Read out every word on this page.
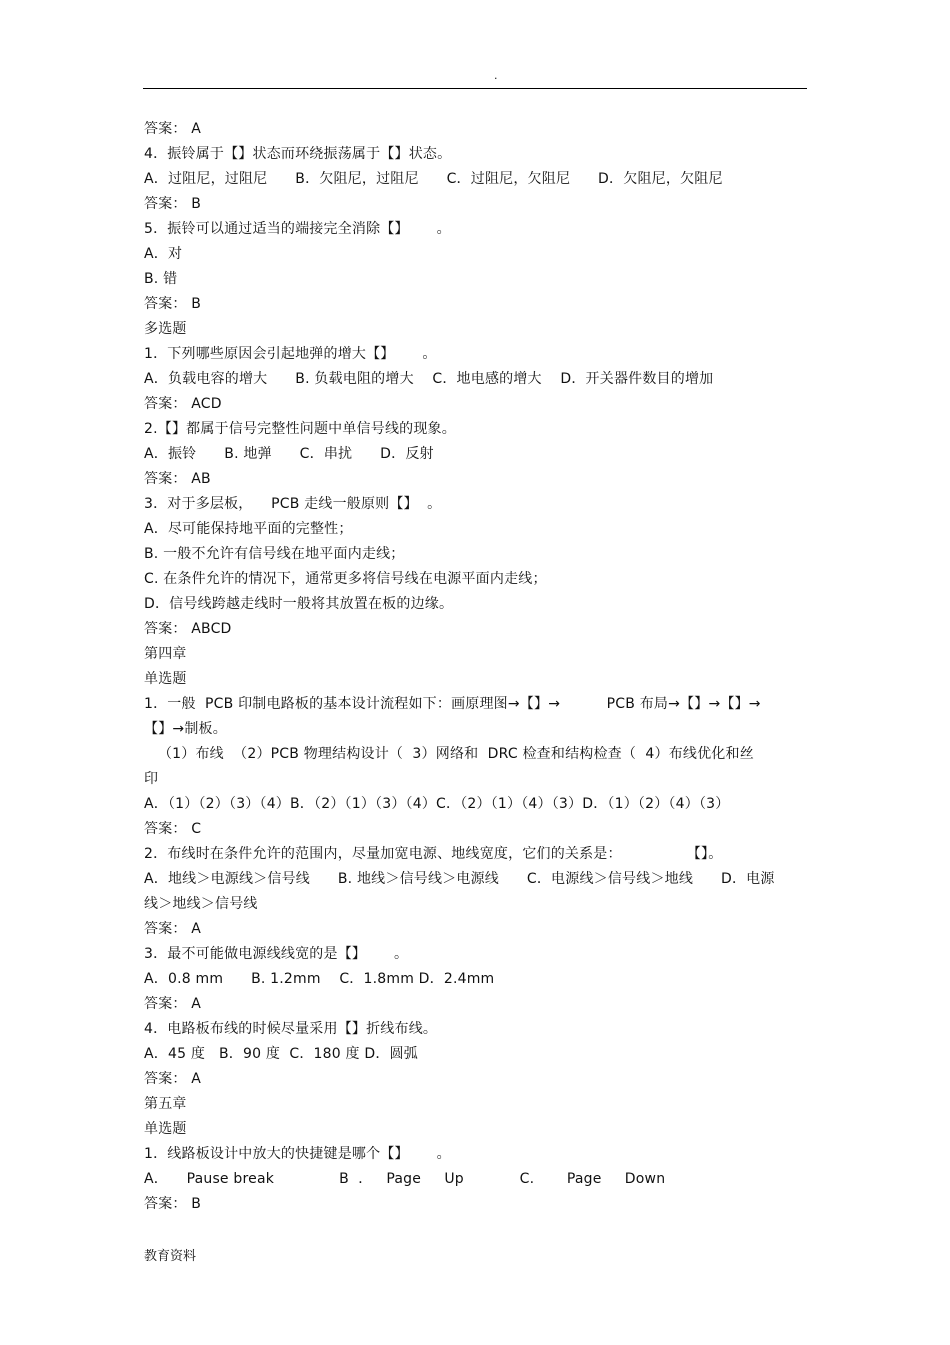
.
答案： A
4．振铃属于【】状态而环绕振荡属于【】状态。
A．过阻尼，过阻尼      B．欠阻尼，过阻尼      C．过阻尼，欠阻尼      D．欠阻尼，欠阻尼
答案： B
5．振铃可以通过适当的端接完全消除【】      。
A．对
B. 错
答案： B
多选题
1．下列哪些原因会引起地弹的增大【】      。
A．负载电容的增大      B. 负载电阻的增大    C．地电感的增大    D．开关器件数目的增加
答案： ACD
2.【】都属于信号完整性问题中单信号线的现象。
A．振铃      B. 地弹      C．串扰      D．反射
答案： AB
3．对于多层板，    PCB 走线一般原则【】  。
A．尽可能保持地平面的完整性；
B. 一般不允许有信号线在地平面内走线；
C. 在条件允许的情况下，通常更多将信号线在电源平面内走线；
D．信号线跨越走线时一般将其放置在板的边缘。
答案： ABCD
第四章
单选题
1．一般  PCB 印制电路板的基本设计流程如下：画原理图→【】→          PCB 布局→【】→【】→
【】→制板。
（1）布线  （2）PCB 物理结构设计（  3）网络和  DRC 检查和结构检查（  4）布线优化和丝
印
A．（1）（2）（3）（4）B．（2）（1）（3）（4）C．（2）（1）（4）（3）D．（1）（2）（4）（3）
答案： C
2．布线时在条件允许的范围内，尽量加宽电源、地线宽度，它们的关系是：              【】。
A．地线＞电源线＞信号线      B. 地线＞信号线＞电源线      C．电源线＞信号线＞地线      D．电源
线＞地线＞信号线
答案： A
3．最不可能做电源线线宽的是【】      。
A．0.8 mm      B. 1.2mm    C．1.8mm D．2.4mm
答案： A
4．电路板布线的时候尽量采用【】折线布线。
A．45 度   B．90 度  C．180 度 D．圆弧
答案： A
第五章
单选题
1．线路板设计中放大的快捷键是哪个【】      。
A．    Pause break              B  ．   Page     Up            C.       Page     Down
答案： B
教育资料
